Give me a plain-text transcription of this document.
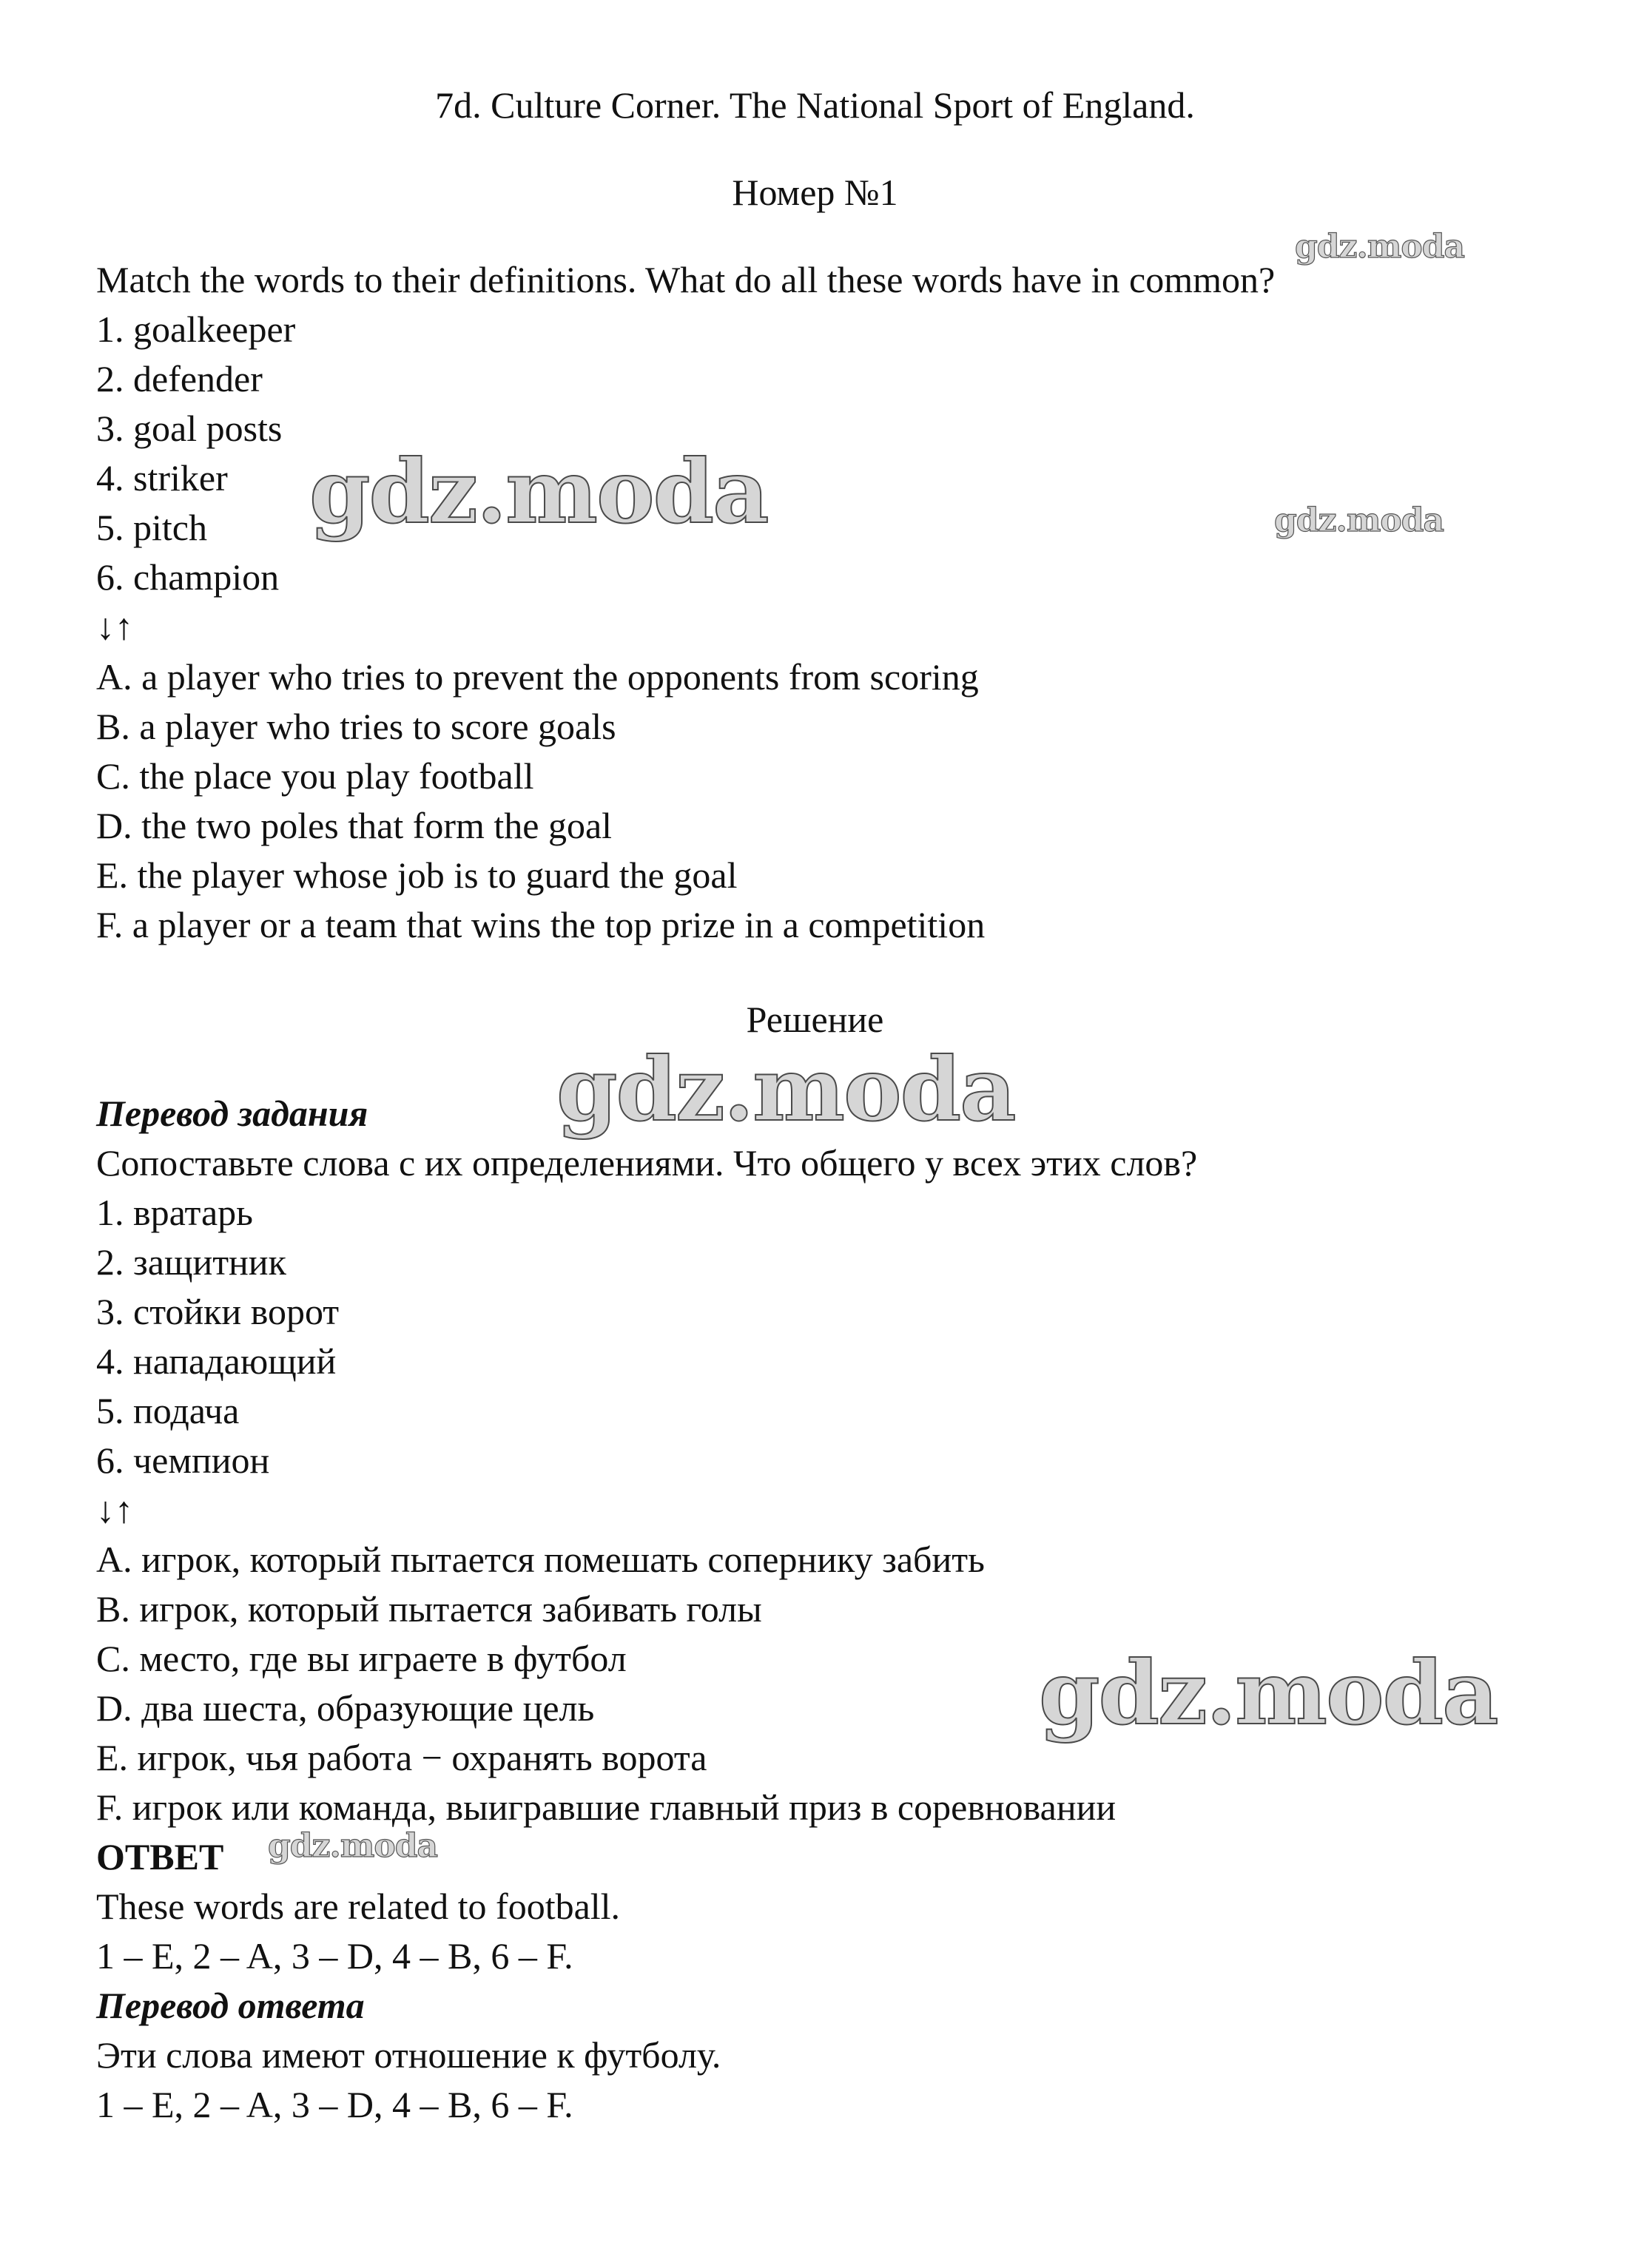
7d. Culture Corner. The National Sport of England.
Номер №1
Match the words to their definitions. What do all these words have in common?
1. goalkeeper
2. defender
3. goal posts
4. striker
5. pitch
6. champion
↓↑
A. a player who tries to prevent the opponents from scoring
B. a player who tries to score goals
C. the place you play football
D. the two poles that form the goal
E. the player whose job is to guard the goal
F. a player or a team that wins the top prize in a competition
Решение
Перевод задания
Сопоставьте слова с их определениями. Что общего у всех этих слов?
1. вратарь
2. защитник
3. стойки ворот
4. нападающий
5. подача
6. чемпион
↓↑
A. игрок, который пытается помешать сопернику забить
B. игрок, который пытается забивать голы
C. место, где вы играете в футбол
D. два шеста, образующие цель
E. игрок, чья работа − охранять ворота
F. игрок или команда, выигравшие главный приз в соревновании
ОТВЕТ
These words are related to football.
1 – E, 2 – A, 3 – D, 4 – B, 6 – F.
Перевод ответа
Эти слова имеют отношение к футболу.
1 – E, 2 – A, 3 – D, 4 – B, 6 – F.
gdz.moda
gdz.moda	gdz.moda
gdz.moda
gdz.moda
gdz.moda
